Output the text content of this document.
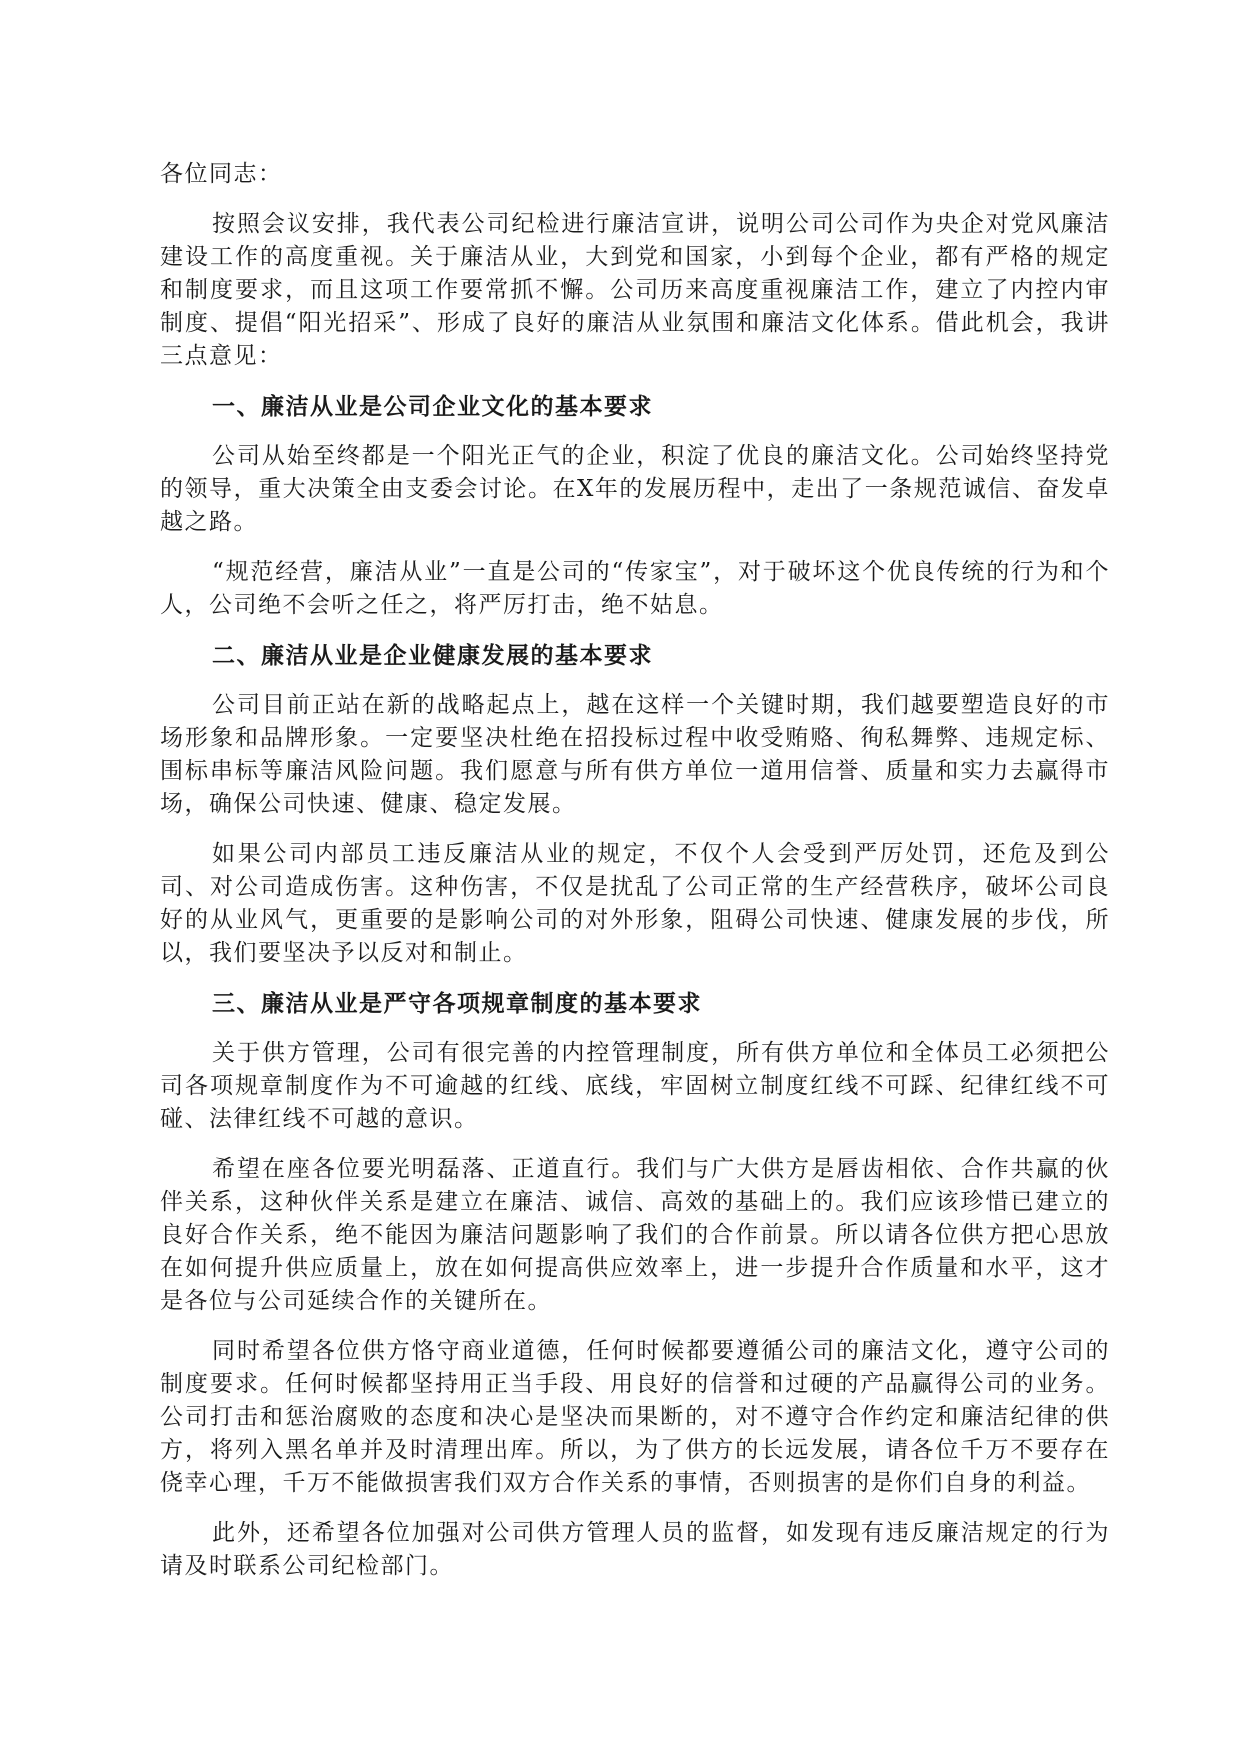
各位同志：

按照会议安排，我代表公司纪检进行廉洁宣讲，说明公司公司作为央企对党风廉洁建设工作的高度重视。关于廉洁从业，大到党和国家，小到每个企业，都有严格的规定和制度要求，而且这项工作要常抓不懈。公司历来高度重视廉洁工作，建立了内控内审制度、提倡“阳光招采”、形成了良好的廉洁从业氛围和廉洁文化体系。借此机会，我讲三点意见：

一、廉洁从业是公司企业文化的基本要求

公司从始至终都是一个阳光正气的企业，积淀了优良的廉洁文化。公司始终坚持党的领导，重大决策全由支委会讨论。在X年的发展历程中，走出了一条规范诚信、奋发卓越之路。

“规范经营，廉洁从业”一直是公司的“传家宝”，对于破坏这个优良传统的行为和个人，公司绝不会听之任之，将严厉打击，绝不姑息。

二、廉洁从业是企业健康发展的基本要求

公司目前正站在新的战略起点上，越在这样一个关键时期，我们越要塑造良好的市场形象和品牌形象。一定要坚决杜绝在招投标过程中收受贿赂、徇私舞弊、违规定标、围标串标等廉洁风险问题。我们愿意与所有供方单位一道用信誉、质量和实力去赢得市场，确保公司快速、健康、稳定发展。

如果公司内部员工违反廉洁从业的规定，不仅个人会受到严厉处罚，还危及到公司、对公司造成伤害。这种伤害，不仅是扰乱了公司正常的生产经营秩序，破坏公司良好的从业风气，更重要的是影响公司的对外形象，阻碍公司快速、健康发展的步伐，所以，我们要坚决予以反对和制止。

三、廉洁从业是严守各项规章制度的基本要求

关于供方管理，公司有很完善的内控管理制度，所有供方单位和全体员工必须把公司各项规章制度作为不可逾越的红线、底线，牢固树立制度红线不可踩、纪律红线不可碰、法律红线不可越的意识。

希望在座各位要光明磊落、正道直行。我们与广大供方是唇齿相依、合作共赢的伙伴关系，这种伙伴关系是建立在廉洁、诚信、高效的基础上的。我们应该珍惜已建立的良好合作关系，绝不能因为廉洁问题影响了我们的合作前景。所以请各位供方把心思放在如何提升供应质量上，放在如何提高供应效率上，进一步提升合作质量和水平，这才是各位与公司延续合作的关键所在。

同时希望各位供方恪守商业道德，任何时候都要遵循公司的廉洁文化，遵守公司的制度要求。任何时候都坚持用正当手段、用良好的信誉和过硬的产品赢得公司的业务。公司打击和惩治腐败的态度和决心是坚决而果断的，对不遵守合作约定和廉洁纪律的供方，将列入黑名单并及时清理出库。所以，为了供方的长远发展，请各位千万不要存在侥幸心理，千万不能做损害我们双方合作关系的事情，否则损害的是你们自身的利益。

此外，还希望各位加强对公司供方管理人员的监督，如发现有违反廉洁规定的行为请及时联系公司纪检部门。
